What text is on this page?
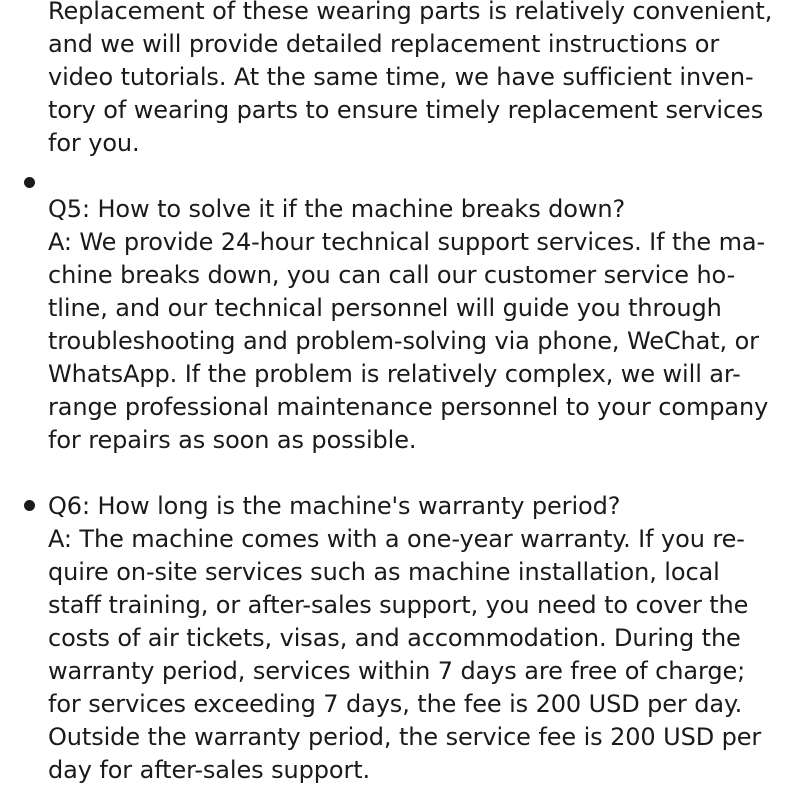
Replacement of these wearing parts is relatively convenient,
and we will provide detailed replacement instructions or
video tutorials. At the same time, we have sufficient inven-
tory of wearing parts to ensure timely replacement services
for you.
Q5: How to solve it if the machine breaks down?
A: We provide 24-hour technical support services. If the ma-
chine breaks down, you can call our customer service ho-
tline, and our technical personnel will guide you through
troubleshooting and problem-solving via phone, WeChat, or
WhatsApp. If the problem is relatively complex, we will ar-
range professional maintenance personnel to your company
for repairs as soon as possible.
Q6: How long is the machine's warranty period?
A: The machine comes with a one-year warranty. If you re-
quire on-site services such as machine installation, local
staff training, or after-sales support, you need to cover the
costs of air tickets, visas, and accommodation. During the
warranty period, services within 7 days are free of charge;
for services exceeding 7 days, the fee is 200 USD per day.
Outside the warranty period, the service fee is 200 USD per
day for after-sales support.
